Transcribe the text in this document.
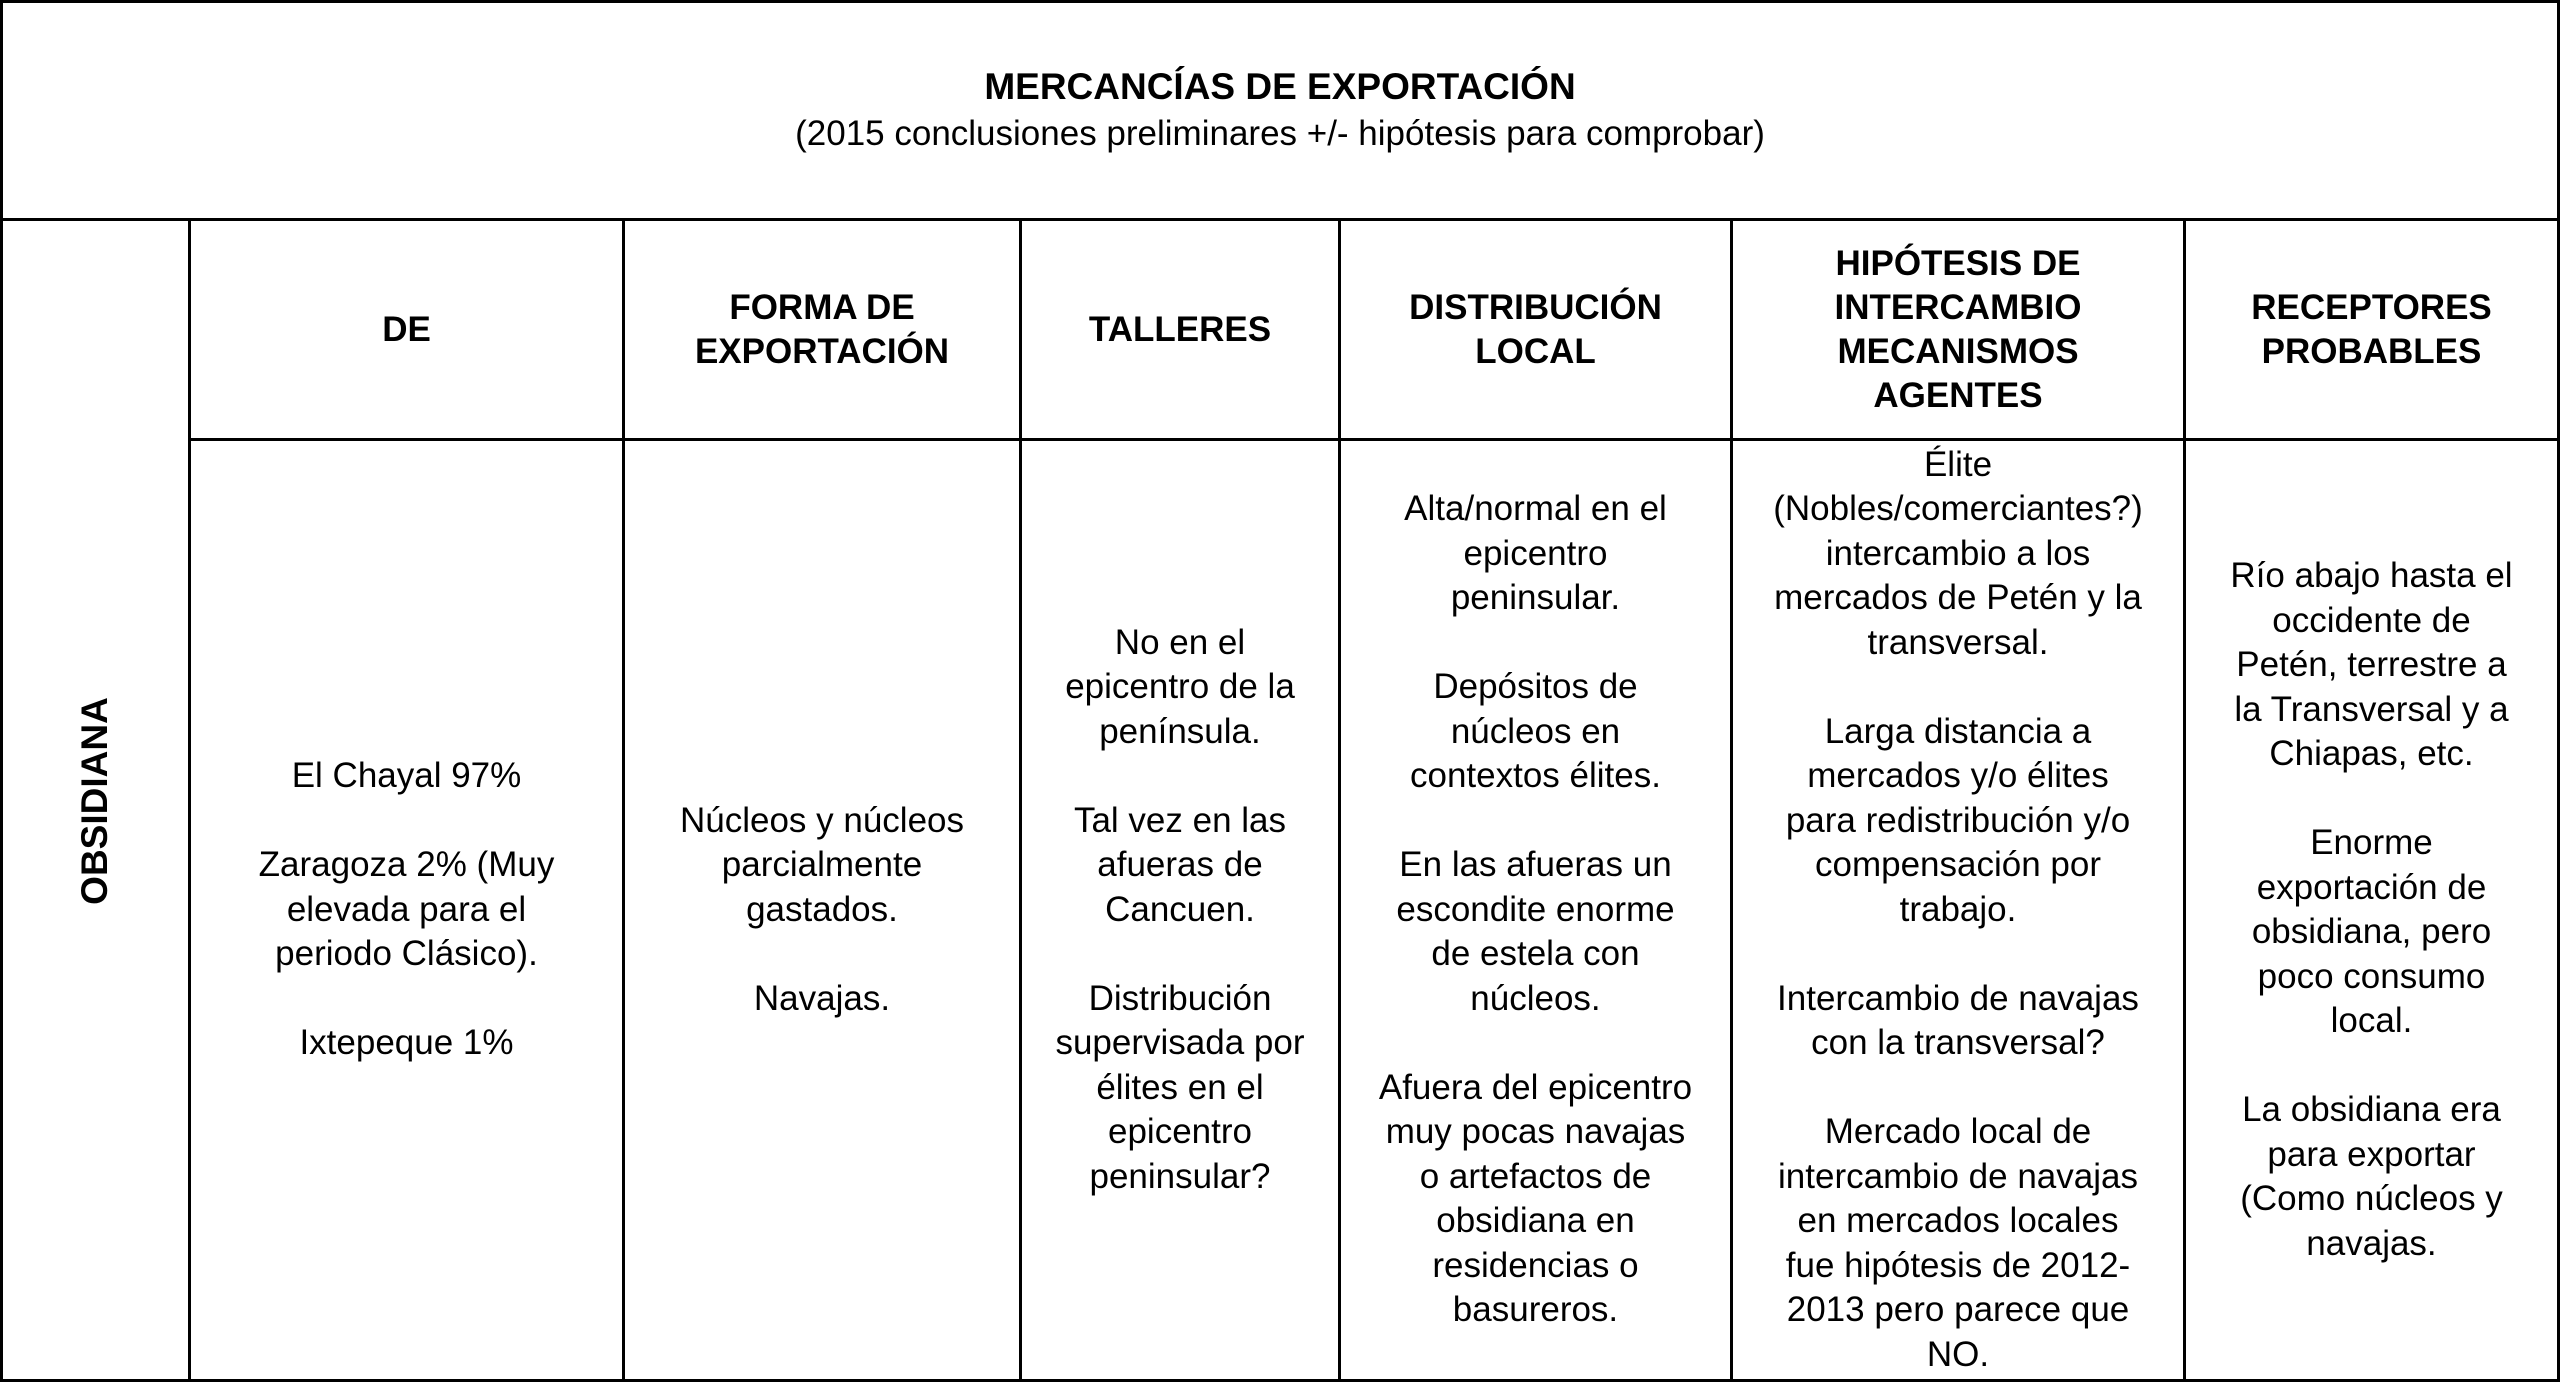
MERCANCÍAS DE EXPORTACIÓN
(2015 conclusiones preliminares +/- hipótesis para comprobar)
OBSIDIANA
DE
FORMA DE
EXPORTACIÓN
TALLERES
DISTRIBUCIÓN
LOCAL
HIPÓTESIS DE
INTERCAMBIO
MECANISMOS
AGENTES
RECEPTORES
PROBABLES
El Chayal 97%

Zaragoza 2% (Muy
elevada para el
periodo Clásico).

Ixtepeque 1%
Núcleos y núcleos
parcialmente
gastados.

Navajas.
No en el
epicentro de la
península.

Tal vez en las
afueras de
Cancuen.

Distribución
supervisada por
élites en el
epicentro
peninsular?
Alta/normal en el
epicentro
peninsular.

Depósitos de
núcleos en
contextos élites.

En las afueras un
escondite enorme
de estela con
núcleos.

Afuera del epicentro
muy pocas navajas
o artefactos de
obsidiana en
residencias o
basureros.
Élite
(Nobles/comerciantes?)
intercambio a los
mercados de Petén y la
transversal.

Larga distancia a
mercados y/o élites
para redistribución y/o
compensación por
trabajo.

Intercambio de navajas
con la transversal?

Mercado local de
intercambio de navajas
en mercados locales
fue hipótesis de 2012-
2013 pero parece que
NO.
Río abajo hasta el
occidente de
Petén, terrestre a
la Transversal y a
Chiapas, etc.

Enorme
exportación de
obsidiana, pero
poco consumo
local.

La obsidiana era
para exportar
(Como núcleos y
navajas.
